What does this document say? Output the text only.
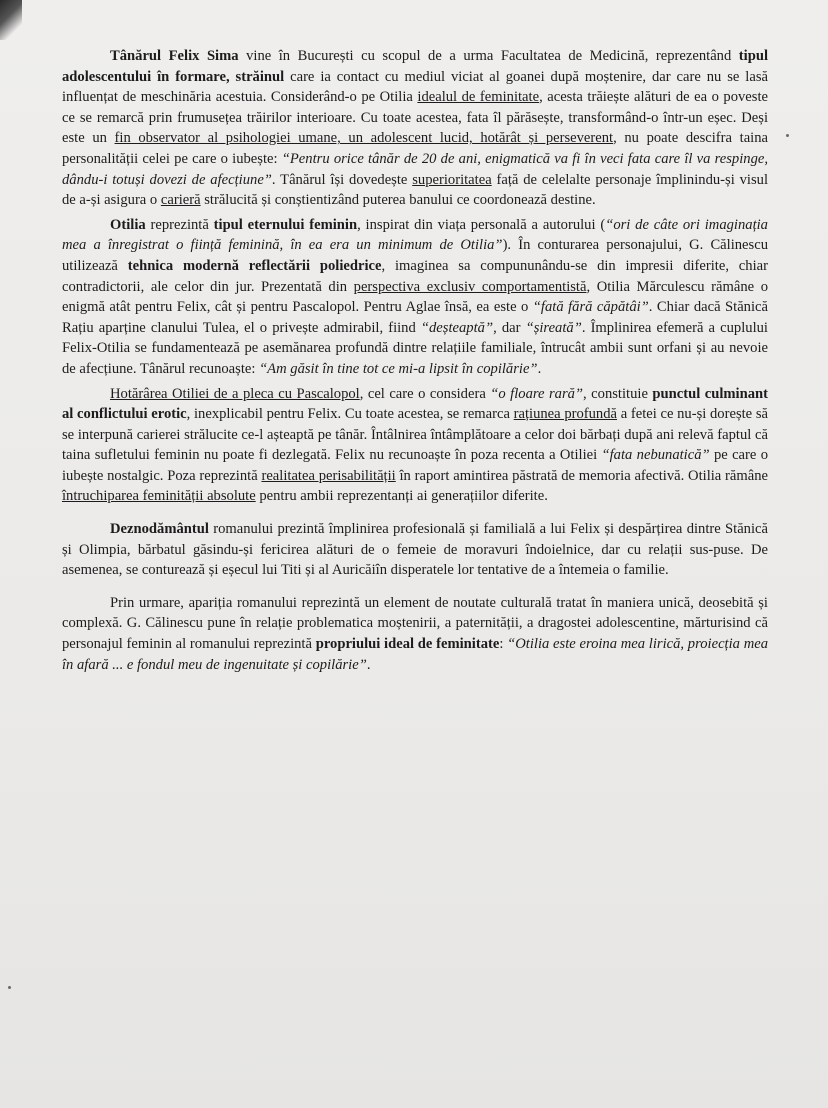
Tânărul Felix Sima vine în București cu scopul de a urma Facultatea de Medicină, reprezentând tipul adolescentului în formare, străinul care ia contact cu mediul viciat al goanei după moștenire, dar care nu se lasă influențat de meschinăria acestuia. Considerând-o pe Otilia idealul de feminitate, acesta trăiește alături de ea o poveste ce se remarcă prin frumusețea trăirilor interioare. Cu toate acestea, fata îl părăsește, transformând-o într-un eșec. Deși este un fin observator al psihologiei umane, un adolescent lucid, hotărât și perseverent, nu poate descifra taina personalității celei pe care o iubește: “Pentru orice tânăr de 20 de ani, enigmatică va fi în veci fata care îl va respinge, dându-i totuși dovezi de afecțiune”. Tânărul își dovedește superioritatea față de celelalte personaje împlinindu-și visul de a-și asigura o carieră strălucită și conștientizând puterea banului ce coordonează destine.

Otilia reprezintă tipul eternului feminin, inspirat din viața personală a autorului (“ori de câte ori imaginația mea a înregistrat o ființă feminină, în ea era un minimum de Otilia”). În conturarea personajului, G. Călinescu utilizează tehnica modernă reflectării poliedrice, imaginea sa compununându-se din impresii diferite, chiar contradictorii, ale celor din jur. Prezentată din perspectiva exclusiv comportamentistă, Otilia Mărculescu rămâne o enigmă atât pentru Felix, cât și pentru Pascalopol. Pentru Aglae însă, ea este o “fată fără căpătâi”. Chiar dacă Stănică Rațiu aparține clanului Tulea, el o privește admirabil, fiind “deșteaptă”, dar “șireată”. Împlinirea efemeră a cuplului Felix-Otilia se fundamentează pe asemănarea profundă dintre relațiile familiale, întrucât ambii sunt orfani și au nevoie de afecțiune. Tânărul recunoaște: “Am găsit în tine tot ce mi-a lipsit în copilărie”.

Hotărârea Otiliei de a pleca cu Pascalopol, cel care o considera “o floare rară”, constituie punctul culminant al conflictului erotic, inexplicabil pentru Felix. Cu toate acestea, se remarca rațiunea profundă a fetei ce nu-și dorește să se interpună carierei strălucite ce-l așteaptă pe tânăr. Întâlnirea întâmplătoare a celor doi bărbați după ani relevă faptul că taina sufletului feminin nu poate fi dezlegată. Felix nu recunoaște în poza recenta a Otiliei “fata nebunatică” pe care o iubește nostalgic. Poza reprezintă realitatea perisabilității în raport amintirea păstrată de memoria afectivă. Otilia rămâne întruchiparea feminității absolute pentru ambii reprezentanți ai generațiilor diferite.

Deznodământul romanului prezintă împlinirea profesională și familială a lui Felix și despărțirea dintre Stănică și Olimpia, bărbatul găsindu-și fericirea alături de o femeie de moravuri îndoielnice, dar cu relații sus-puse. De asemenea, se conturează și eșecul lui Titi și al Auricăiîn disperatele lor tentative de a întemeia o familie.

Prin urmare, apariția romanului reprezintă un element de noutate culturală tratat în maniera unică, deosebită și complexă. G. Călinescu pune în relație problematica moștenirii, a paternității, a dragostei adolescentine, mărturisind că personajul feminin al romanului reprezintă propriului ideal de feminitate: “Otilia este eroina mea lirică, proiecția mea în afară ... e fondul meu de ingenuitate și copilărie”.
